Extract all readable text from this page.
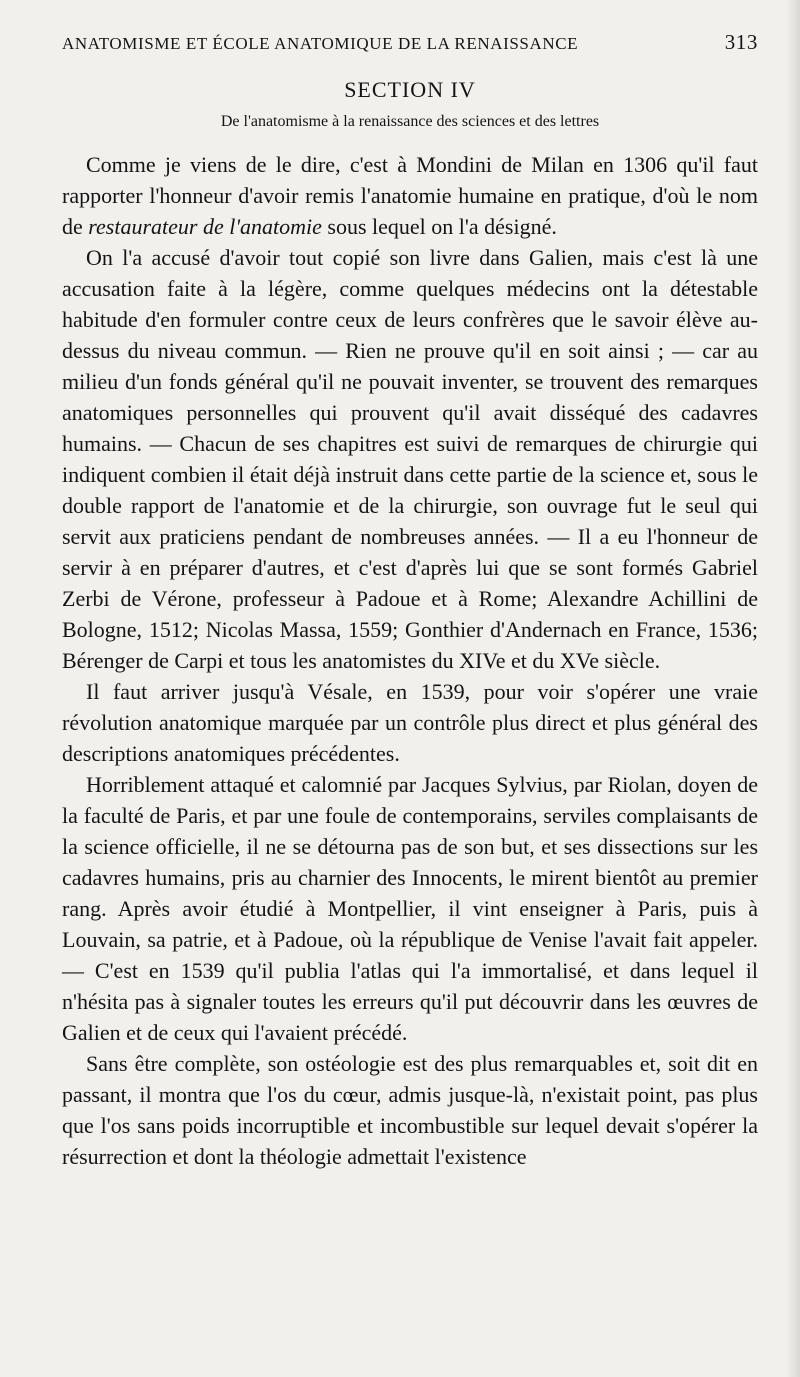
ANATOMISME ET ÉCOLE ANATOMIQUE DE LA RENAISSANCE	313
SECTION IV
De l'anatomisme à la renaissance des sciences et des lettres

Comme je viens de le dire, c'est à Mondini de Milan en 1306 qu'il faut rapporter l'honneur d'avoir remis l'anatomie humaine en pratique, d'où le nom de restaurateur de l'anatomie sous lequel on l'a désigné.

On l'a accusé d'avoir tout copié son livre dans Galien, mais c'est là une accusation faite à la légère, comme quelques médecins ont la détestable habitude d'en formuler contre ceux de leurs confrères que le savoir élève au-dessus du niveau commun. — Rien ne prouve qu'il en soit ainsi ; — car au milieu d'un fonds général qu'il ne pouvait inventer, se trouvent des remarques anatomiques personnelles qui prouvent qu'il avait disséqué des cadavres humains. — Chacun de ses chapitres est suivi de remarques de chirurgie qui indiquent combien il était déjà instruit dans cette partie de la science et, sous le double rapport de l'anatomie et de la chirurgie, son ouvrage fut le seul qui servit aux praticiens pendant de nombreuses années. — Il a eu l'honneur de servir à en préparer d'autres, et c'est d'après lui que se sont formés Gabriel Zerbi de Vérone, professeur à Padoue et à Rome; Alexandre Achillini de Bologne, 1512; Nicolas Massa, 1559; Gonthier d'Andernach en France, 1536; Bérenger de Carpi et tous les anatomistes du XIVe et du XVe siècle.

Il faut arriver jusqu'à Vésale, en 1539, pour voir s'opérer une vraie révolution anatomique marquée par un contrôle plus direct et plus général des descriptions anatomiques précédentes.

Horriblement attaqué et calomnié par Jacques Sylvius, par Riolan, doyen de la faculté de Paris, et par une foule de contemporains, serviles complaisants de la science officielle, il ne se détourna pas de son but, et ses dissections sur les cadavres humains, pris au charnier des Innocents, le mirent bientôt au premier rang. Après avoir étudié à Montpellier, il vint enseigner à Paris, puis à Louvain, sa patrie, et à Padoue, où la république de Venise l'avait fait appeler. — C'est en 1539 qu'il publia l'atlas qui l'a immortalisé, et dans lequel il n'hésita pas à signaler toutes les erreurs qu'il put découvrir dans les œuvres de Galien et de ceux qui l'avaient précédé.

Sans être complète, son ostéologie est des plus remarquables et, soit dit en passant, il montra que l'os du cœur, admis jusque-là, n'existait point, pas plus que l'os sans poids incorruptible et incombustible sur lequel devait s'opérer la résurrection et dont la théologie admettait l'existence
